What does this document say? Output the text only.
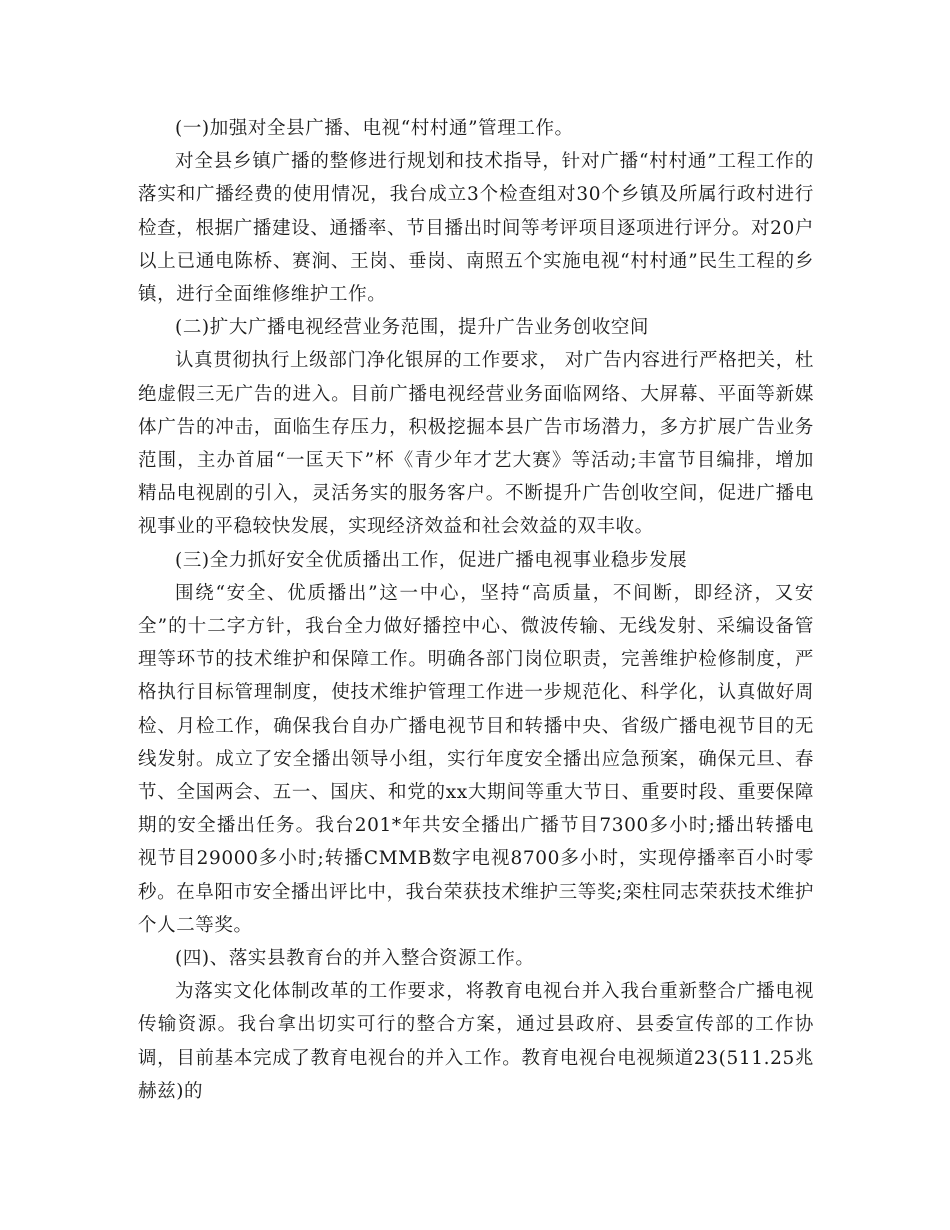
(一)加强对全县广播、电视“村村通”管理工作。

对全县乡镇广播的整修进行规划和技术指导，针对广播“村村通”工程工作的落实和广播经费的使用情况，我台成立3个检查组对30个乡镇及所属行政村进行检查，根据广播建设、通播率、节目播出时间等考评项目逐项进行评分。对20户以上已通电陈桥、赛涧、王岗、垂岗、南照五个实施电视“村村通”民生工程的乡镇，进行全面维修维护工作。

(二)扩大广播电视经营业务范围，提升广告业务创收空间

认真贯彻执行上级部门净化银屏的工作要求， 对广告内容进行严格把关，杜绝虚假三无广告的进入。目前广播电视经营业务面临网络、大屏幕、平面等新媒体广告的冲击，面临生存压力，积极挖掘本县广告市场潜力，多方扩展广告业务范围，主办首届“一匡天下”杯《青少年才艺大赛》等活动;丰富节目编排，增加精品电视剧的引入，灵活务实的服务客户。不断提升广告创收空间，促进广播电视事业的平稳较快发展，实现经济效益和社会效益的双丰收。

(三)全力抓好安全优质播出工作，促进广播电视事业稳步发展

围绕“安全、优质播出”这一中心，坚持“高质量，不间断，即经济，又安全”的十二字方针，我台全力做好播控中心、微波传输、无线发射、采编设备管理等环节的技术维护和保障工作。明确各部门岗位职责，完善维护检修制度，严格执行目标管理制度，使技术维护管理工作进一步规范化、科学化，认真做好周检、月检工作，确保我台自办广播电视节目和转播中央、省级广播电视节目的无线发射。成立了安全播出领导小组，实行年度安全播出应急预案，确保元旦、春节、全国两会、五一、国庆、和党的xx大期间等重大节日、重要时段、重要保障期的安全播出任务。我台201*年共安全播出广播节目7300多小时;播出转播电视节目29000多小时;转播CMMB数字电视8700多小时，实现停播率百小时零秒。在阜阳市安全播出评比中，我台荣获技术维护三等奖;栾柱同志荣获技术维护个人二等奖。

(四)、落实县教育台的并入整合资源工作。

为落实文化体制改革的工作要求，将教育电视台并入我台重新整合广播电视传输资源。我台拿出切实可行的整合方案，通过县政府、县委宣传部的工作协调，目前基本完成了教育电视台的并入工作。教育电视台电视频道23(511.25兆赫兹)的
